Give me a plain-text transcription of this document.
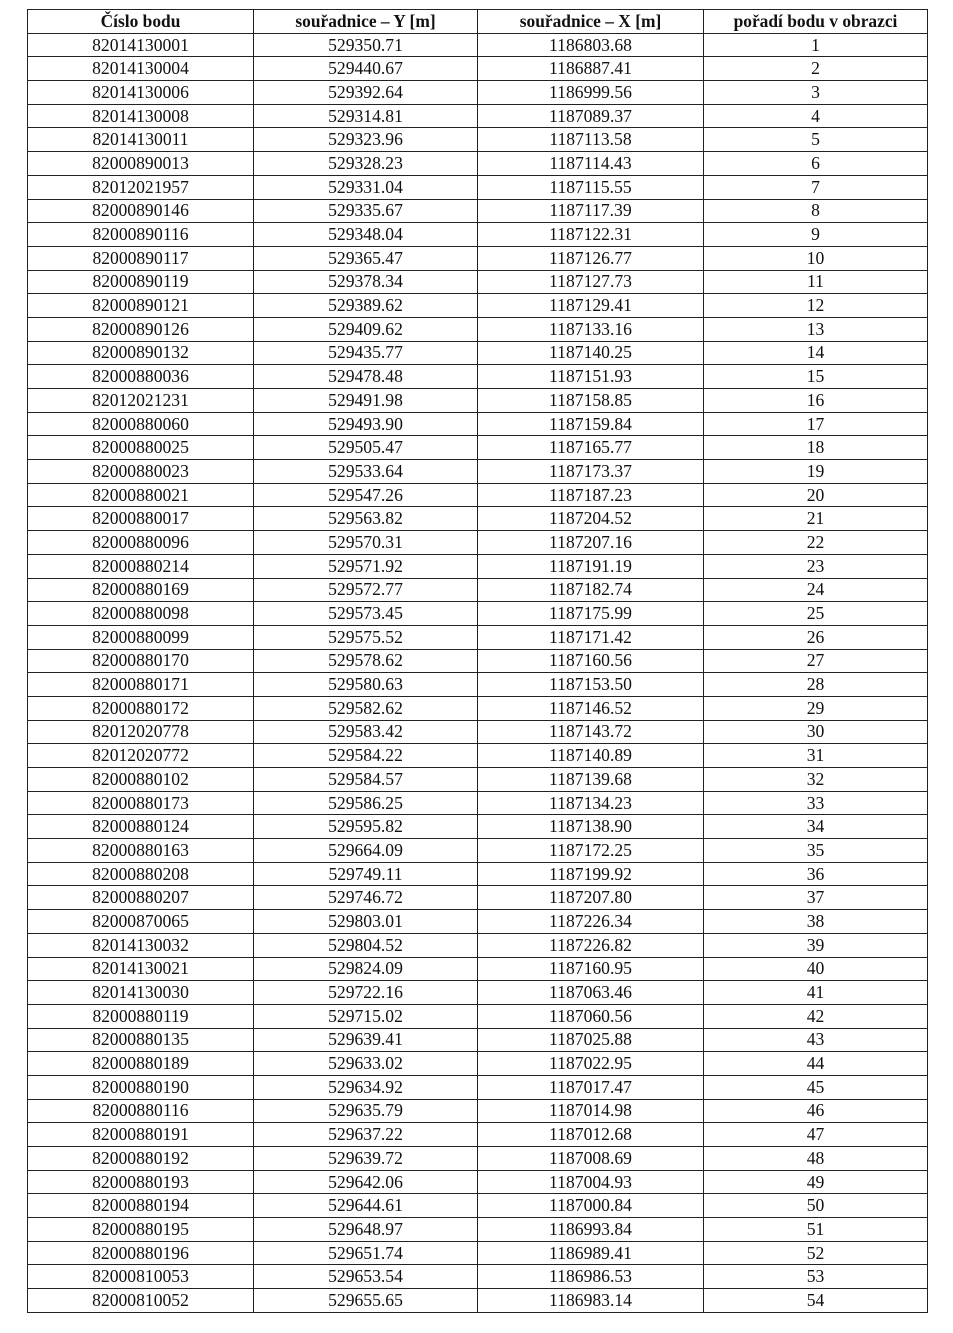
Číslo bodu	souřadnice – Y [m]	souřadnice – X [m]	pořadí bodu v obrazci
82014130001	529350.71	1186803.68	1
82014130004	529440.67	1186887.41	2
82014130006	529392.64	1186999.56	3
82014130008	529314.81	1187089.37	4
82014130011	529323.96	1187113.58	5
82000890013	529328.23	1187114.43	6
82012021957	529331.04	1187115.55	7
82000890146	529335.67	1187117.39	8
82000890116	529348.04	1187122.31	9
82000890117	529365.47	1187126.77	10
82000890119	529378.34	1187127.73	11
82000890121	529389.62	1187129.41	12
82000890126	529409.62	1187133.16	13
82000890132	529435.77	1187140.25	14
82000880036	529478.48	1187151.93	15
82012021231	529491.98	1187158.85	16
82000880060	529493.90	1187159.84	17
82000880025	529505.47	1187165.77	18
82000880023	529533.64	1187173.37	19
82000880021	529547.26	1187187.23	20
82000880017	529563.82	1187204.52	21
82000880096	529570.31	1187207.16	22
82000880214	529571.92	1187191.19	23
82000880169	529572.77	1187182.74	24
82000880098	529573.45	1187175.99	25
82000880099	529575.52	1187171.42	26
82000880170	529578.62	1187160.56	27
82000880171	529580.63	1187153.50	28
82000880172	529582.62	1187146.52	29
82012020778	529583.42	1187143.72	30
82012020772	529584.22	1187140.89	31
82000880102	529584.57	1187139.68	32
82000880173	529586.25	1187134.23	33
82000880124	529595.82	1187138.90	34
82000880163	529664.09	1187172.25	35
82000880208	529749.11	1187199.92	36
82000880207	529746.72	1187207.80	37
82000870065	529803.01	1187226.34	38
82014130032	529804.52	1187226.82	39
82014130021	529824.09	1187160.95	40
82014130030	529722.16	1187063.46	41
82000880119	529715.02	1187060.56	42
82000880135	529639.41	1187025.88	43
82000880189	529633.02	1187022.95	44
82000880190	529634.92	1187017.47	45
82000880116	529635.79	1187014.98	46
82000880191	529637.22	1187012.68	47
82000880192	529639.72	1187008.69	48
82000880193	529642.06	1187004.93	49
82000880194	529644.61	1187000.84	50
82000880195	529648.97	1186993.84	51
82000880196	529651.74	1186989.41	52
82000810053	529653.54	1186986.53	53
82000810052	529655.65	1186983.14	54
